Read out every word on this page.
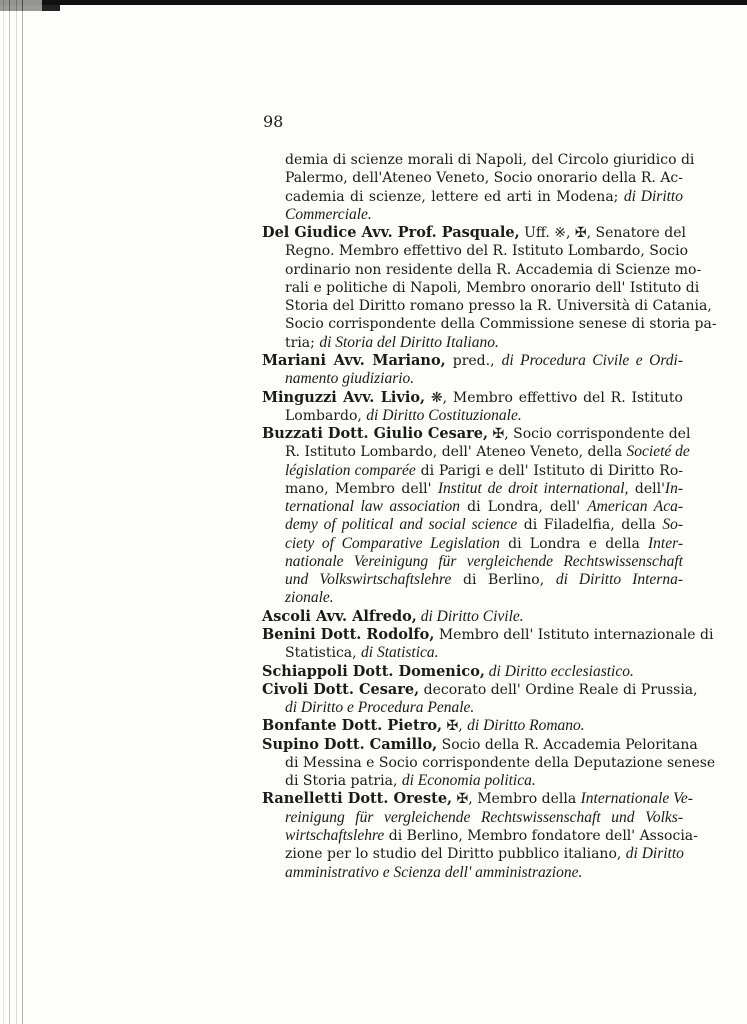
98
demia di scienze morali di Napoli, del Circolo giuridico di
Palermo, dell'Ateneo Veneto, Socio onorario della R. Ac-
cademia di scienze, lettere ed arti in Modena; di Diritto
Commerciale.
Del Giudice Avv. Prof. Pasquale, Uff. ※, ✠, Senatore del
Regno. Membro effettivo del R. Istituto Lombardo, Socio
ordinario non residente della R. Accademia di Scienze mo-
rali e politiche di Napoli, Membro onorario dell' Istituto di
Storia del Diritto romano presso la R. Università di Catania,
Socio corrispondente della Commissione senese di storia pa-
tria; di Storia del Diritto Italiano.
Mariani Avv. Mariano, pred., di Procedura Civile e Ordi-
namento giudiziario.
Minguzzi Avv. Livio, ❋, Membro effettivo del R. Istituto
Lombardo, di Diritto Costituzionale.
Buzzati Dott. Giulio Cesare, ✠, Socio corrispondente del
R. Istituto Lombardo, dell' Ateneo Veneto, della Societé de
législation comparée di Parigi e dell' Istituto di Diritto Ro-
mano, Membro dell' Institut de droit international, dell'In-
ternational law association di Londra, dell' American Aca-
demy of political and social science di Filadelfia, della So-
ciety of Comparative Legislation di Londra e della Inter-
nationale Vereinigung für vergleichende Rechtswissenschaft
und Volkswirtschaftslehre di Berlino, di Diritto Interna-
zionale.
Ascoli Avv. Alfredo, di Diritto Civile.
Benini Dott. Rodolfo, Membro dell' Istituto internazionale di
Statistica, di Statistica.
Schiappoli Dott. Domenico, di Diritto ecclesiastico.
Civoli Dott. Cesare, decorato dell' Ordine Reale di Prussia,
di Diritto e Procedura Penale.
Bonfante Dott. Pietro, ✠, di Diritto Romano.
Supino Dott. Camillo, Socio della R. Accademia Peloritana
di Messina e Socio corrispondente della Deputazione senese
di Storia patria, di Economia politica.
Ranelletti Dott. Oreste, ✠, Membro della Internationale Ve-
reinigung für vergleichende Rechtswissenschaft und Volks-
wirtschaftslehre di Berlino, Membro fondatore dell' Associa-
zione per lo studio del Diritto pubblico italiano, di Diritto
amministrativo e Scienza dell' amministrazione.
